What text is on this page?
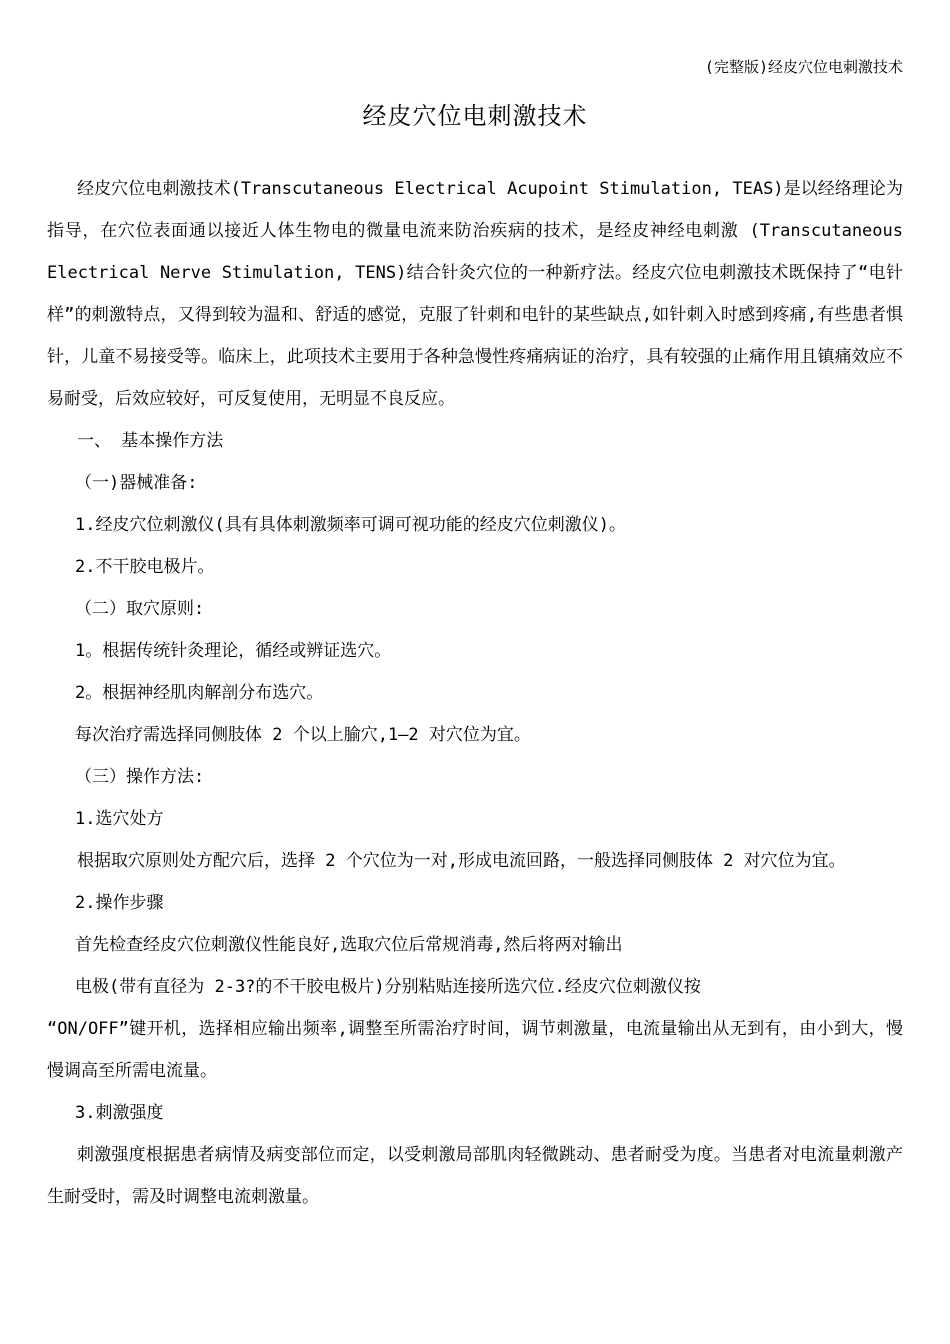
(完整版)经皮穴位电刺激技术
经皮穴位电刺激技术

经皮穴位电刺激技术(Transcutaneous Electrical Acupoint Stimulation, TEAS)是以经络理论为指导，在穴位表面通以接近人体生物电的微量电流来防治疾病的技术，是经皮神经电刺激 (Transcutaneous Electrical Nerve Stimulation, TENS)结合针灸穴位的一种新疗法。经皮穴位电刺激技术既保持了“电针样”的刺激特点，又得到较为温和、舒适的感觉，克服了针刺和电针的某些缺点,如针刺入时感到疼痛,有些患者惧针，儿童不易接受等。临床上，此项技术主要用于各种急慢性疼痛病证的治疗，具有较强的止痛作用且镇痛效应不易耐受，后效应较好，可反复使用，无明显不良反应。

一、 基本操作方法

（一)器械准备:

1.经皮穴位刺激仪(具有具体刺激频率可调可视功能的经皮穴位刺激仪)。

2.不干胶电极片。

（二）取穴原则:

1。根据传统针灸理论，循经或辨证选穴。

2。根据神经肌肉解剖分布选穴。

每次治疗需选择同侧肢体 2 个以上腧穴,1—2 对穴位为宜。

（三）操作方法:

1.选穴处方

根据取穴原则处方配穴后，选择 2 个穴位为一对,形成电流回路，一般选择同侧肢体 2 对穴位为宜。

2.操作步骤

首先检查经皮穴位刺激仪性能良好,选取穴位后常规消毒,然后将两对输出

电极(带有直径为 2-3?的不干胶电极片)分别粘贴连接所选穴位.经皮穴位刺激仪按

“ON/OFF”键开机，选择相应输出频率,调整至所需治疗时间，调节刺激量，电流量输出从无到有，由小到大，慢慢调高至所需电流量。

3.刺激强度

刺激强度根据患者病情及病变部位而定，以受刺激局部肌肉轻微跳动、患者耐受为度。当患者对电流量刺激产生耐受时，需及时调整电流刺激量。
